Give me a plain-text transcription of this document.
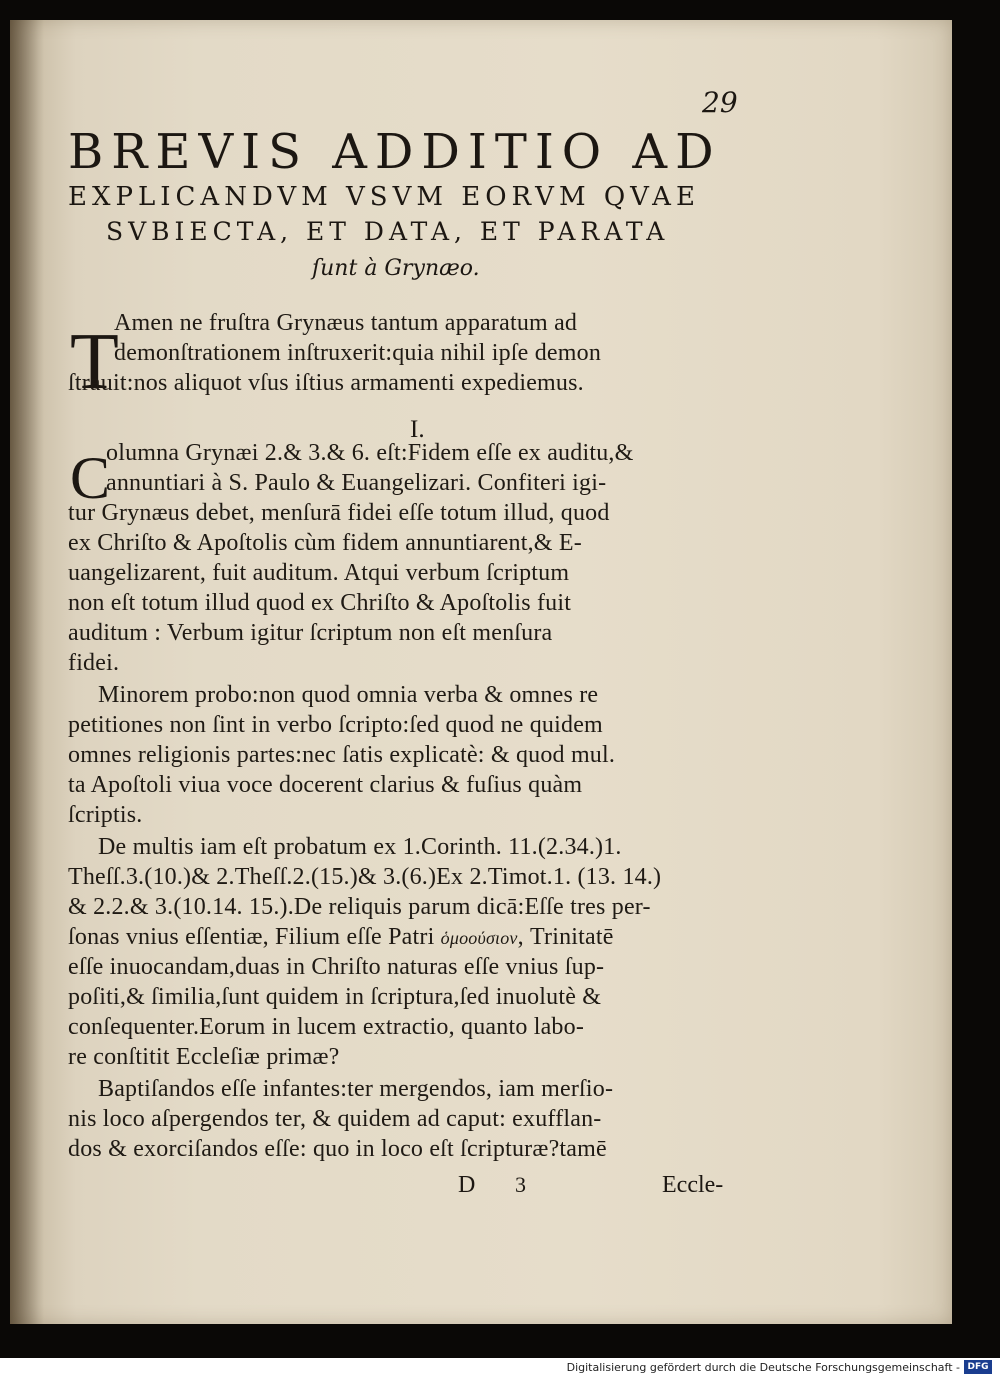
29
BREVIS ADDITIO AD
EXPLICANDVM VSVM EORVM QVAE
SVBIECTA, ET DATA, ET PARATA
ſunt à Grynæo.
T
Amen ne fruſtra Grynæus tantum apparatum ad
demonſtrationem inſtruxerit:quia nihil ipſe demon
ſtrauit:nos aliquot vſus iſtius armamenti expediemus.
I.
C
olumna Grynæi 2.& 3.& 6. eſt:Fidem eſſe ex auditu,&
annuntiari à S. Paulo & Euangelizari. Confiteri igi-
tur Grynæus debet, menſurā fidei eſſe totum illud, quod
ex Chriſto & Apoſtolis cùm fidem annuntiarent,& E-
uangelizarent, fuit auditum. Atqui verbum ſcriptum
non eſt totum illud quod ex Chriſto & Apoſtolis fuit
auditum : Verbum igitur ſcriptum non eſt menſura
fidei.
Minorem probo:non quod omnia verba & omnes re
petitiones non ſint in verbo ſcripto:ſed quod ne quidem
omnes religionis partes:nec ſatis explicatè: & quod mul.
ta Apoſtoli viua voce docerent clarius & fuſius quàm
ſcriptis.
De multis iam eſt probatum ex 1.Corinth. 11.(2.34.)1.
Theſſ.3.(10.)& 2.Theſſ.2.(15.)& 3.(6.)Ex 2.Timot.1. (13. 14.)
& 2.2.& 3.(10.14. 15.).De reliquis parum dicā:Eſſe tres per-
ſonas vnius eſſentiæ, Filium eſſe Patri ὁμοούσιον, Trinitatē
eſſe inuocandam,duas in Chriſto naturas eſſe vnius ſup-
poſiti,& ſimilia,ſunt quidem in ſcriptura,ſed inuolutè &
conſequenter.Eorum in lucem extractio, quanto labo-
re conſtitit Eccleſiæ primæ?
Baptiſandos eſſe infantes:ter mergendos, iam merſio-
nis loco aſpergendos ter, & quidem ad caput: exufflan-
dos & exorciſandos eſſe: quo in loco eſt ſcripturæ?tamē
D 3	Eccle-
Digitalisierung gefördert durch die Deutsche Forschungsgemeinschaft - DFG
